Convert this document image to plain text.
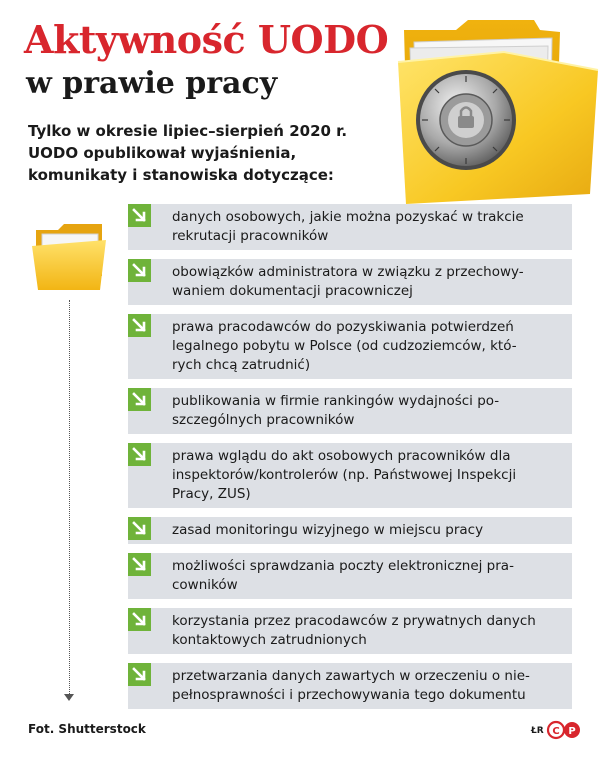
Aktywność UODO
w prawie pracy
Tylko w okresie lipiec–sierpień 2020 r.
UODO opublikował wyjaśnienia,
komunikaty i stanowiska dotyczące:
danych osobowych, jakie można pozyskać w trakcie
rekrutacji pracowników
obowiązków administratora w związku z przechowy-
waniem dokumentacji pracowniczej
prawa pracodawców do pozyskiwania potwierdzeń
legalnego pobytu w Polsce (od cudzoziemców, któ-
rych chcą zatrudnić)
publikowania w firmie rankingów wydajności po-
szczególnych pracowników
prawa wglądu do akt osobowych pracowników dla
inspektorów/kontrolerów (np. Państwowej Inspekcji
Pracy, ZUS)
zasad monitoringu wizyjnego w miejscu pracy
możliwości sprawdzania poczty elektronicznej pra-
cowników
korzystania przez pracodawców z prywatnych danych
kontaktowych zatrudnionych
przetwarzania danych zawartych w orzeczeniu o nie-
pełnosprawności i przechowywania tego dokumentu
Fot. Shutterstock	ŁR C P
